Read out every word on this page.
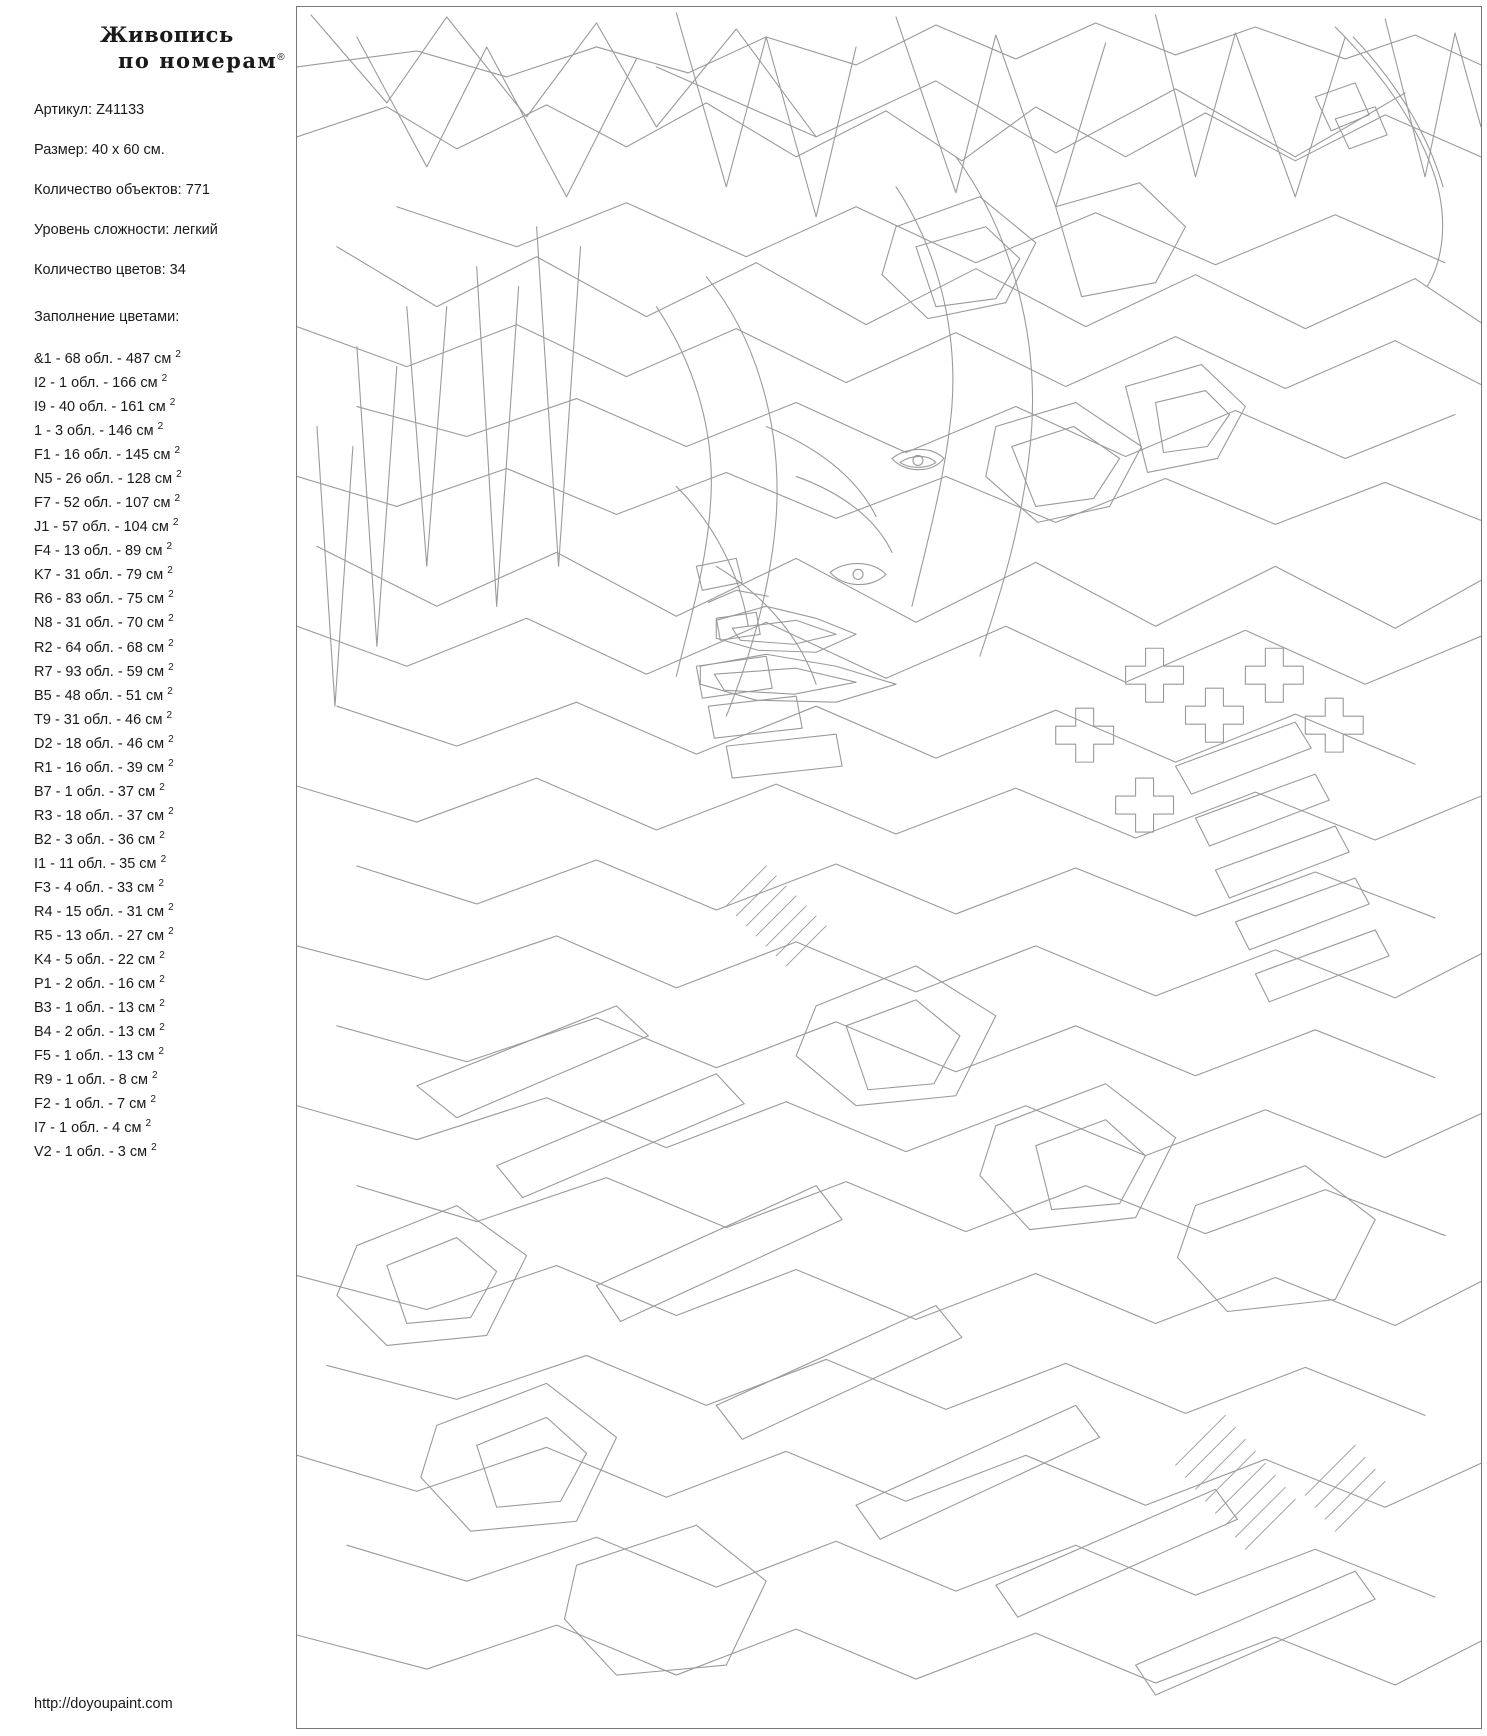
Живопись
по номерам®
Артикул: Z41133
Размер: 40 x 60 см.
Количество объектов: 771
Уровень сложности: легкий
Количество цветов: 34
Заполнение цветами:
&1 - 68 обл. - 487 см $^2$
I2 - 1 обл. - 166 см $^2$
I9 - 40 обл. - 161 см $^2$
1 - 3 обл. - 146 см $^2$
F1 - 16 обл. - 145 см $^2$
N5 - 26 обл. - 128 см $^2$
F7 - 52 обл. - 107 см $^2$
J1 - 57 обл. - 104 см $^2$
F4 - 13 обл. - 89 см $^2$
K7 - 31 обл. - 79 см $^2$
R6 - 83 обл. - 75 см $^2$
N8 - 31 обл. - 70 см $^2$
R2 - 64 обл. - 68 см $^2$
R7 - 93 обл. - 59 см $^2$
B5 - 48 обл. - 51 см $^2$
T9 - 31 обл. - 46 см $^2$
D2 - 18 обл. - 46 см $^2$
R1 - 16 обл. - 39 см $^2$
B7 - 1 обл. - 37 см $^2$
R3 - 18 обл. - 37 см $^2$
B2 - 3 обл. - 36 см $^2$
I1 - 11 обл. - 35 см $^2$
F3 - 4 обл. - 33 см $^2$
R4 - 15 обл. - 31 см $^2$
R5 - 13 обл. - 27 см $^2$
K4 - 5 обл. - 22 см $^2$
P1 - 2 обл. - 16 см $^2$
B3 - 1 обл. - 13 см $^2$
B4 - 2 обл. - 13 см $^2$
F5 - 1 обл. - 13 см $^2$
R9 - 1 обл. - 8 см $^2$
F2 - 1 обл. - 7 см $^2$
I7 - 1 обл. - 4 см $^2$
V2 - 1 обл. - 3 см $^2$
http://doyoupaint.com
